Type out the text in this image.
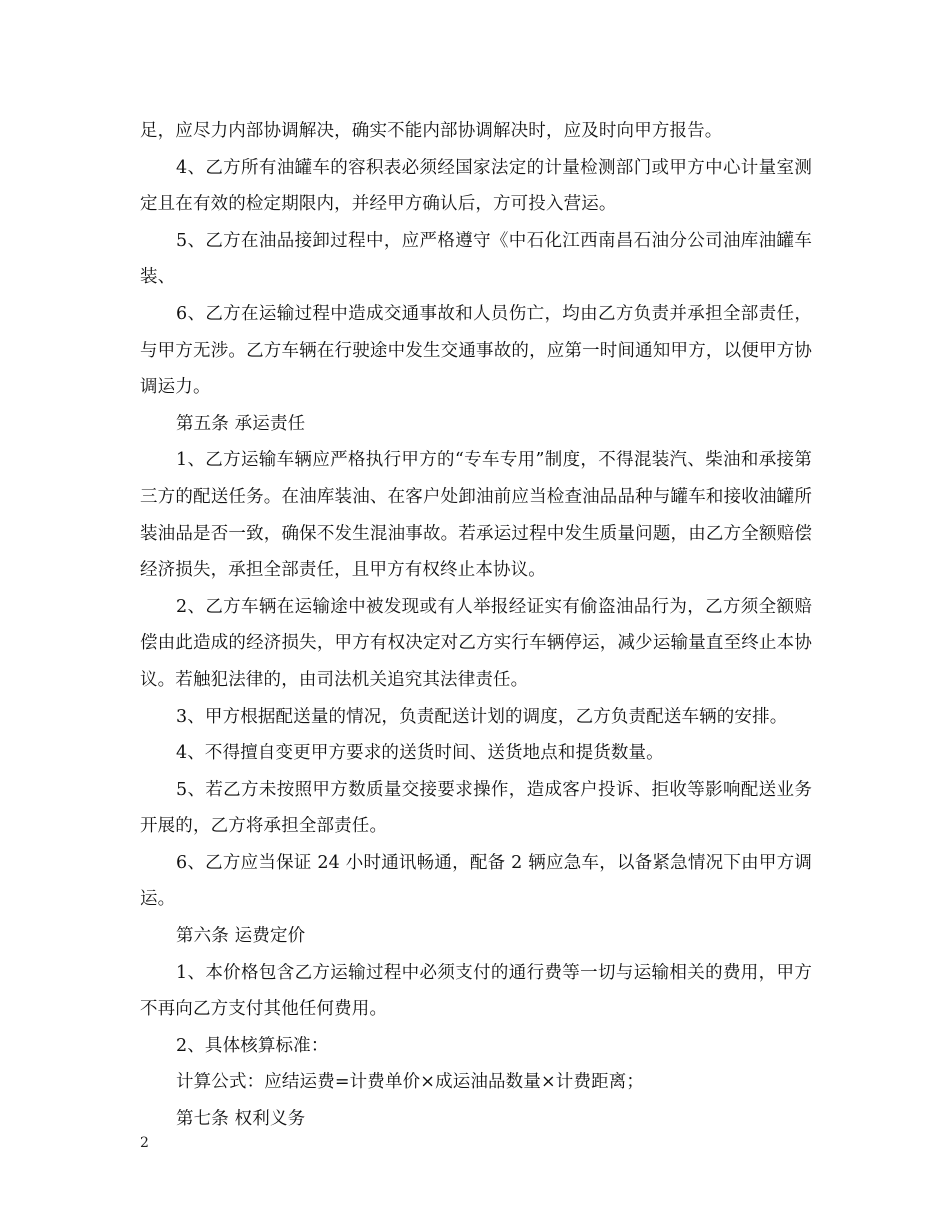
足，应尽力内部协调解决，确实不能内部协调解决时，应及时向甲方报告。

4、乙方所有油罐车的容积表必须经国家法定的计量检测部门或甲方中心计量室测定且在有效的检定期限内，并经甲方确认后，方可投入营运。

5、乙方在油品接卸过程中，应严格遵守《中石化江西南昌石油分公司油库油罐车装、

6、乙方在运输过程中造成交通事故和人员伤亡，均由乙方负责并承担全部责任，与甲方无涉。乙方车辆在行驶途中发生交通事故的，应第一时间通知甲方，以便甲方协调运力。

第五条 承运责任

1、乙方运输车辆应严格执行甲方的“专车专用”制度，不得混装汽、柴油和承接第三方的配送任务。在油库装油、在客户处卸油前应当检查油品品种与罐车和接收油罐所装油品是否一致，确保不发生混油事故。若承运过程中发生质量问题，由乙方全额赔偿经济损失，承担全部责任，且甲方有权终止本协议。

2、乙方车辆在运输途中被发现或有人举报经证实有偷盗油品行为，乙方须全额赔偿由此造成的经济损失，甲方有权决定对乙方实行车辆停运，减少运输量直至终止本协议。若触犯法律的，由司法机关追究其法律责任。

3、甲方根据配送量的情况，负责配送计划的调度，乙方负责配送车辆的安排。

4、不得擅自变更甲方要求的送货时间、送货地点和提货数量。

5、若乙方未按照甲方数质量交接要求操作，造成客户投诉、拒收等影响配送业务开展的，乙方将承担全部责任。

6、乙方应当保证 24 小时通讯畅通，配备 2 辆应急车，以备紧急情况下由甲方调运。

第六条 运费定价

1、本价格包含乙方运输过程中必须支付的通行费等一切与运输相关的费用，甲方不再向乙方支付其他任何费用。

2、具体核算标准：

计算公式：应结运费=计费单价×成运油品数量×计费距离；

第七条 权利义务

2
